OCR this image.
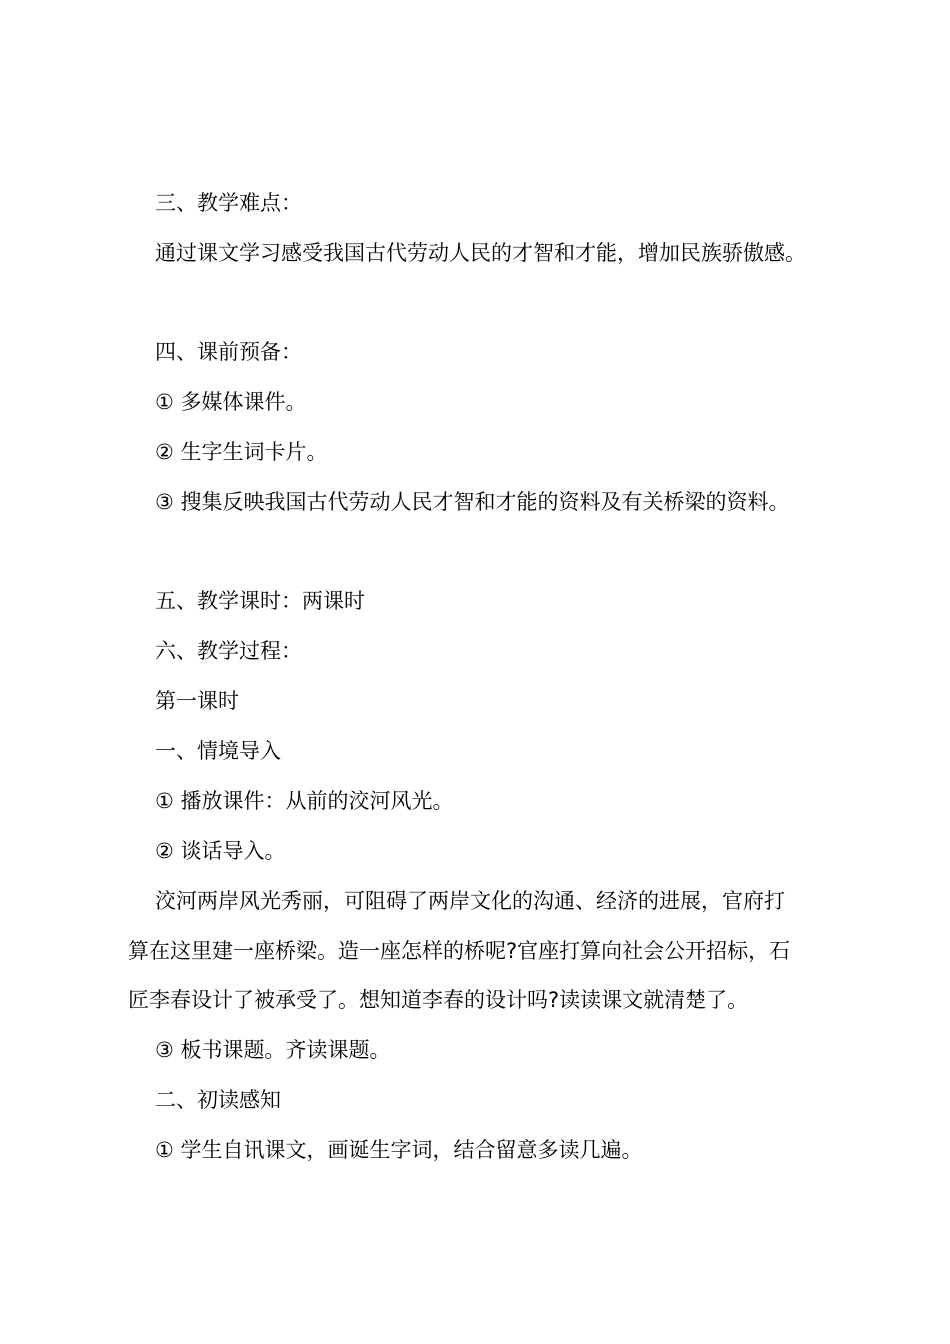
三、教学难点：
通过课文学习感受我国古代劳动人民的才智和才能，增加民族骄傲感。
四、课前预备：
① 多媒体课件。
② 生字生词卡片。
③ 搜集反映我国古代劳动人民才智和才能的资料及有关桥梁的资料。
五、教学课时：两课时
六、教学过程：
第一课时
一、情境导入
① 播放课件：从前的洨河风光。
② 谈话导入。
洨河两岸风光秀丽，可阻碍了两岸文化的沟通、经济的进展，官府打
算在这里建一座桥梁。造一座怎样的桥呢?官座打算向社会公开招标，石
匠李春设计了被承受了。想知道李春的设计吗?读读课文就清楚了。
③ 板书课题。齐读课题。
二、初读感知
① 学生自讯课文，画诞生字词，结合留意多读几遍。
